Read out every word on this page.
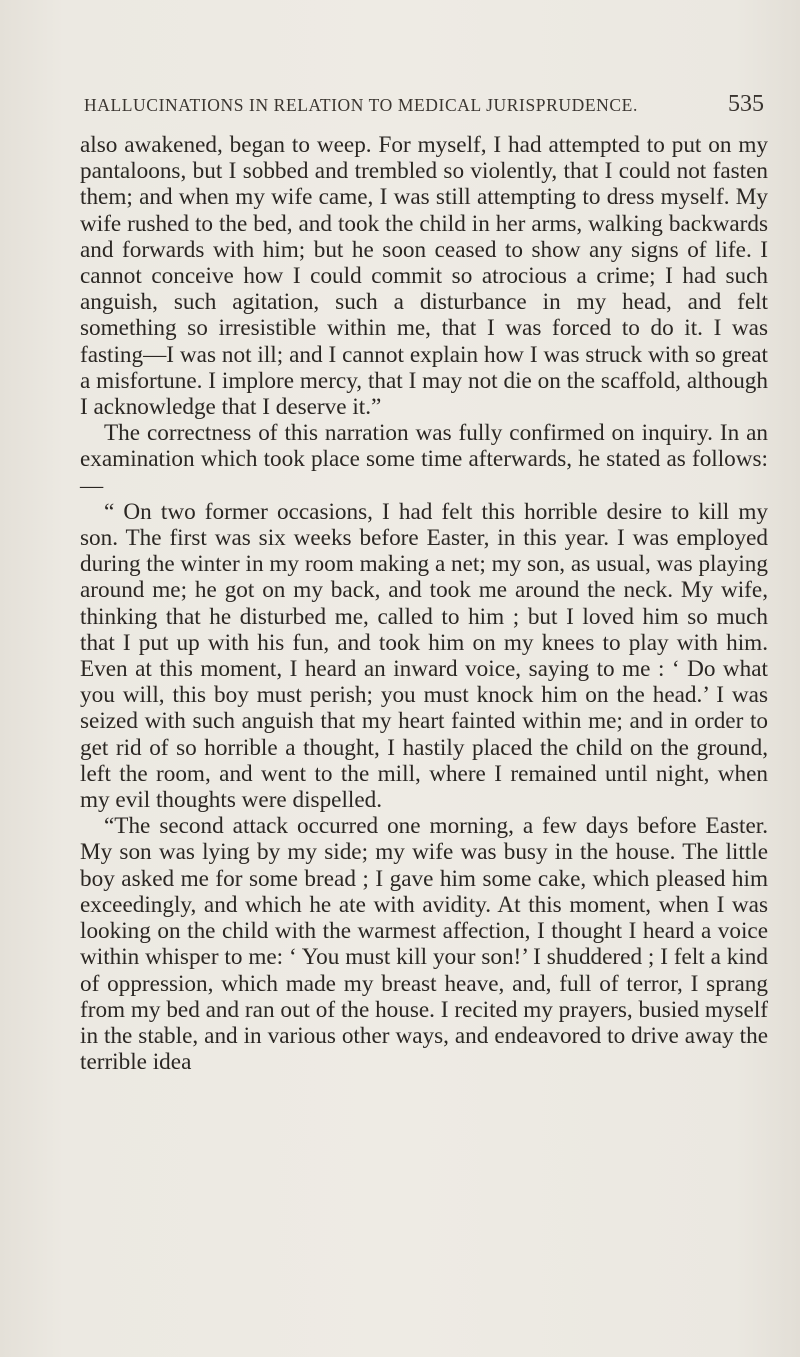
HALLUCINATIONS IN RELATION TO MEDICAL JURISPRUDENCE.	535

also awakened, began to weep. For myself, I had attempted to put on my pantaloons, but I sobbed and trembled so violently, that I could not fasten them; and when my wife came, I was still attempting to dress myself. My wife rushed to the bed, and took the child in her arms, walking backwards and forwards with him; but he soon ceased to show any signs of life. I cannot conceive how I could commit so atrocious a crime; I had such anguish, such agitation, such a disturbance in my head, and felt something so irresistible within me, that I was forced to do it. I was fasting—I was not ill; and I cannot explain how I was struck with so great a misfortune. I implore mercy, that I may not die on the scaffold, although I acknowledge that I deserve it.”

The correctness of this narration was fully confirmed on inquiry. In an examination which took place some time afterwards, he stated as follows:—

“ On two former occasions, I had felt this horrible desire to kill my son. The first was six weeks before Easter, in this year. I was employed during the winter in my room making a net; my son, as usual, was playing around me; he got on my back, and took me around the neck. My wife, thinking that he disturbed me, called to him ; but I loved him so much that I put up with his fun, and took him on my knees to play with him. Even at this moment, I heard an inward voice, saying to me : ‘ Do what you will, this boy must perish; you must knock him on the head.’ I was seized with such anguish that my heart fainted within me; and in order to get rid of so horrible a thought, I hastily placed the child on the ground, left the room, and went to the mill, where I remained until night, when my evil thoughts were dispelled.

“The second attack occurred one morning, a few days before Easter. My son was lying by my side; my wife was busy in the house. The little boy asked me for some bread ; I gave him some cake, which pleased him exceedingly, and which he ate with avidity. At this moment, when I was looking on the child with the warmest affection, I thought I heard a voice within whisper to me: ‘ You must kill your son!’ I shuddered ; I felt a kind of oppression, which made my breast heave, and, full of terror, I sprang from my bed and ran out of the house. I recited my prayers, busied myself in the stable, and in various other ways, and endeavored to drive away the terrible idea
